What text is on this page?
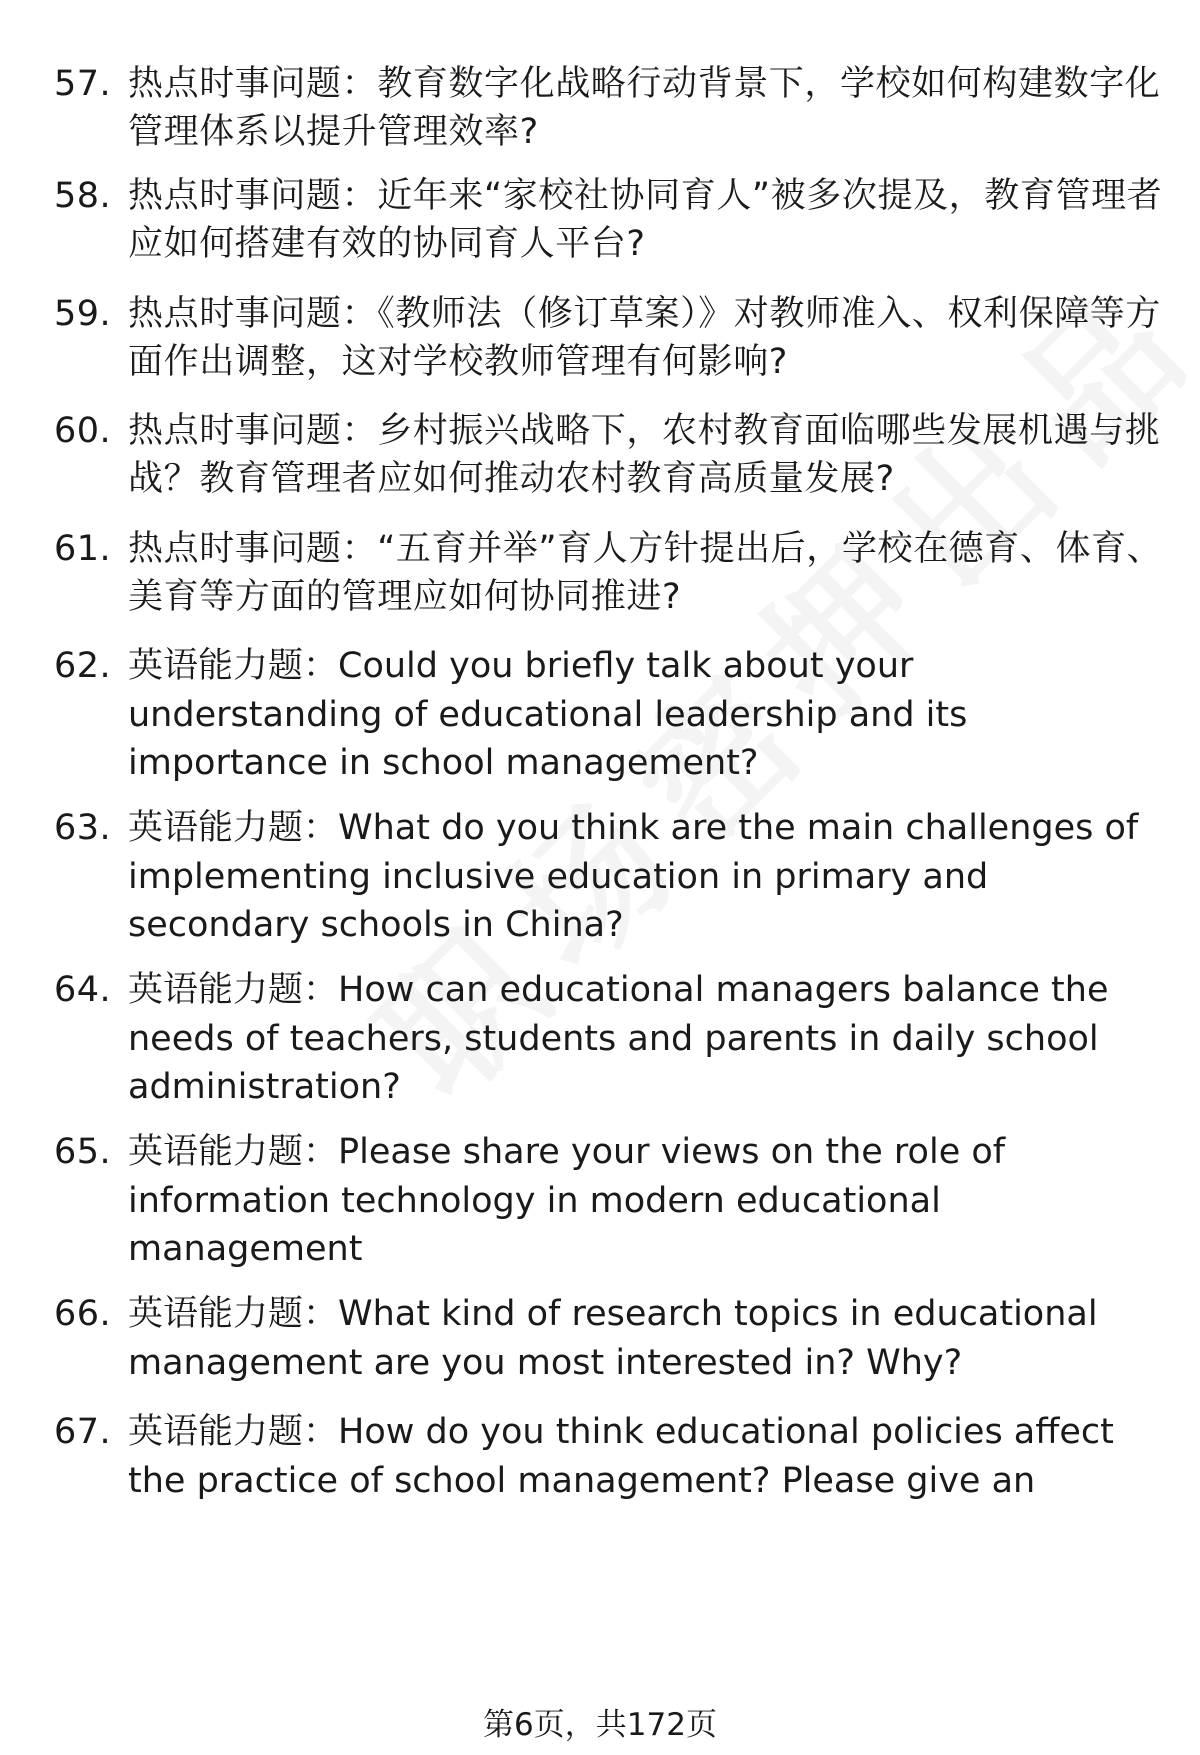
57. 热点时事问题：教育数字化战略行动背景下，学校如何构建数字化管理体系以提升管理效率?
58. 热点时事问题：近年来“家校社协同育人”被多次提及，教育管理者应如何搭建有效的协同育人平台?
59. 热点时事问题：《教师法（修订草案）》对教师准入、权利保障等方面作出调整，这对学校教师管理有何影响?
60. 热点时事问题：乡村振兴战略下，农村教育面临哪些发展机遇与挑战？教育管理者应如何推动农村教育高质量发展?
61. 热点时事问题：“五育并举”育人方针提出后，学校在德育、体育、美育等方面的管理应如何协同推进?
62. 英语能力题：Could you briefly talk about your understanding of educational leadership and its importance in school management?
63. 英语能力题：What do you think are the main challenges of implementing inclusive education in primary and secondary schools in China?
64. 英语能力题：How can educational managers balance the needs of teachers, students and parents in daily school administration?
65. 英语能力题：Please share your views on the role of information technology in modern educational management
66. 英语能力题：What kind of research topics in educational management are you most interested in? Why?
67. 英语能力题：How do you think educational policies affect the practice of school management? Please give an
第6页，共172页
